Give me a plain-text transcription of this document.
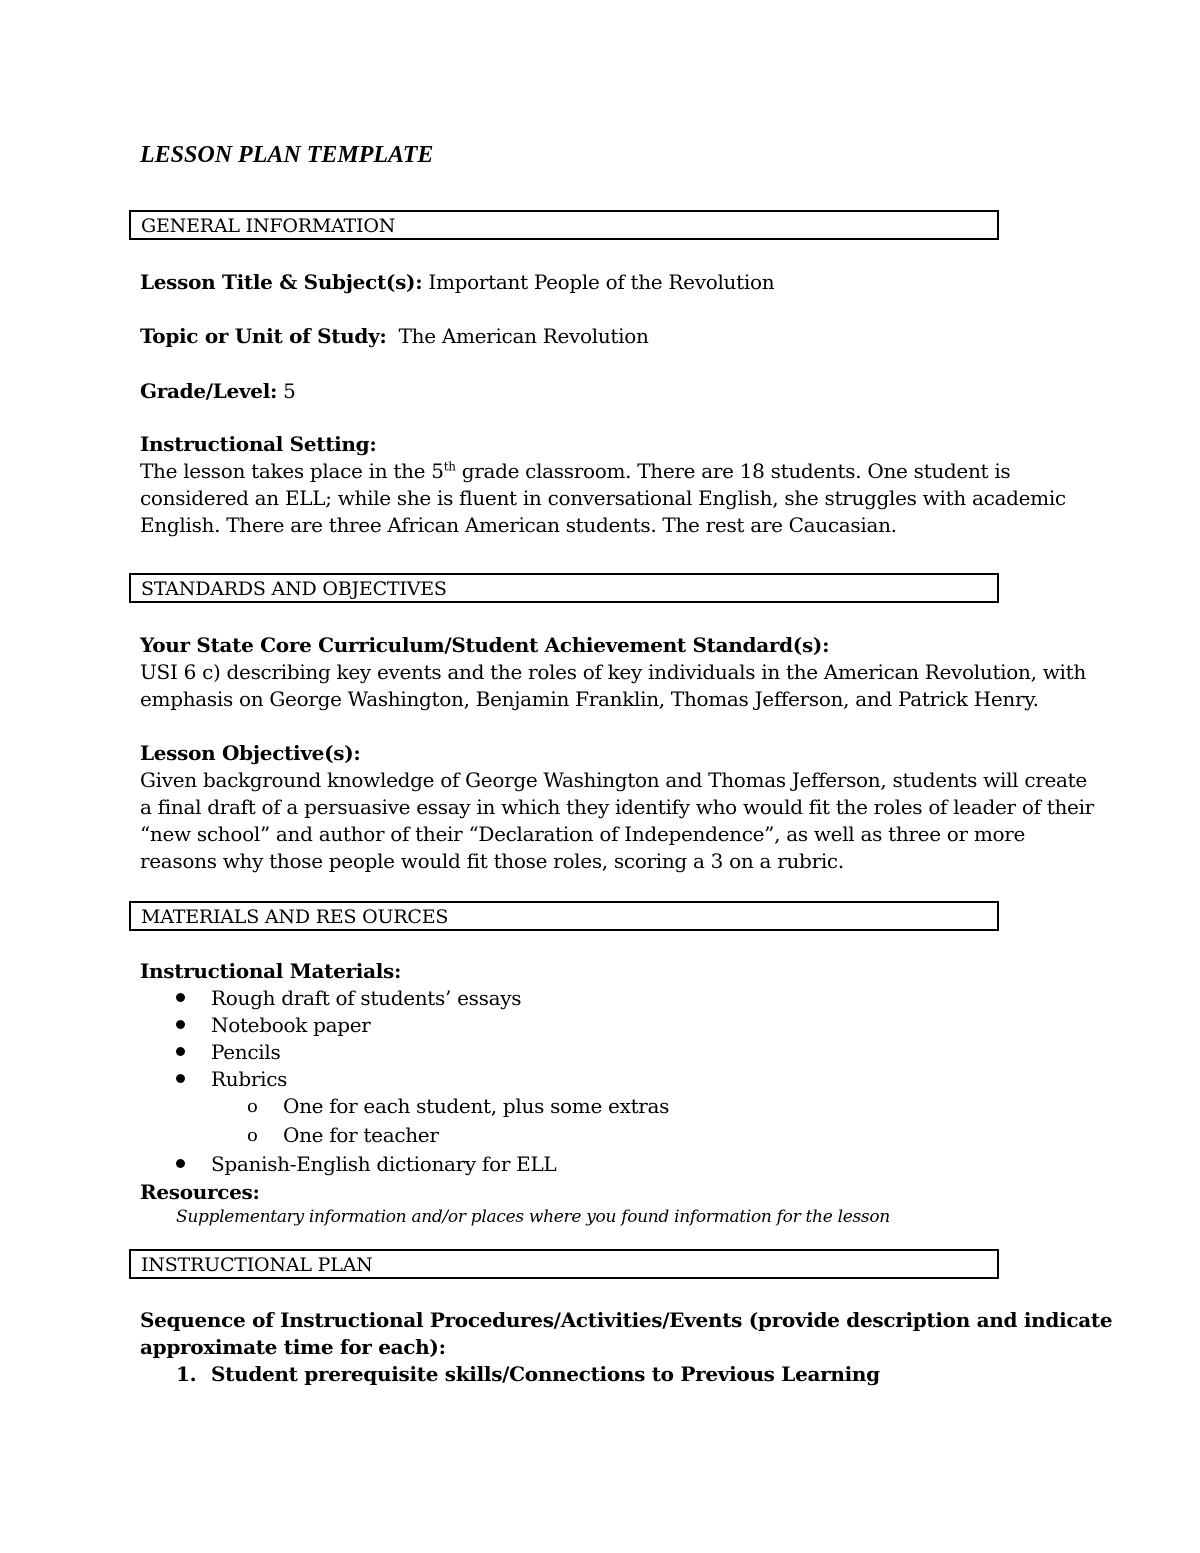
LESSON PLAN TEMPLATE
GENERAL INFORMATION
Lesson Title & Subject(s): Important People of the Revolution
Topic or Unit of Study: The American Revolution
Grade/Level: 5
Instructional Setting:
The lesson takes place in the 5th grade classroom. There are 18 students. One student is
considered an ELL; while she is fluent in conversational English, she struggles with academic
English. There are three African American students. The rest are Caucasian.
STANDARDS AND OBJECTIVES
Your State Core Curriculum/Student Achievement Standard(s):
USI 6 c) describing key events and the roles of key individuals in the American Revolution, with
emphasis on George Washington, Benjamin Franklin, Thomas Jefferson, and Patrick Henry.
Lesson Objective(s):
Given background knowledge of George Washington and Thomas Jefferson, students will create
a final draft of a persuasive essay in which they identify who would fit the roles of leader of their
“new school” and author of their “Declaration of Independence”, as well as three or more
reasons why those people would fit those roles, scoring a 3 on a rubric.
MATERIALS AND RES OURCES
Instructional Materials:
Rough draft of students’ essays
Notebook paper
Pencils
Rubrics
o One for each student, plus some extras
o One for teacher
Spanish-English dictionary for ELL
Resources:
Supplementary information and/or places where you found information for the lesson
INSTRUCTIONAL PLAN
Sequence of Instructional Procedures/Activities/Events (provide description and indicate
approximate time for each):
1. Student prerequisite skills/Connections to Previous Learning
